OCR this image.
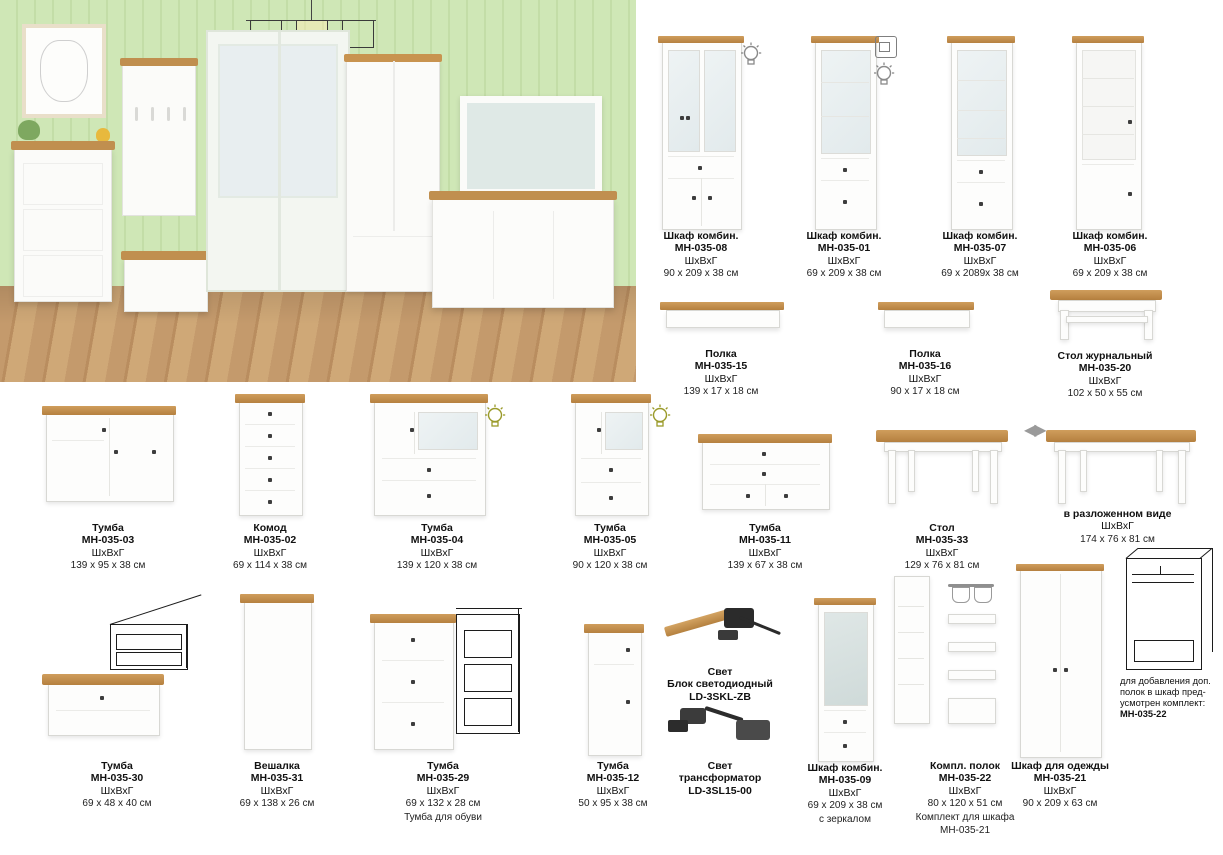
Шкаф комбин.
МН-035-08
ШхВхГ
90 x 209 x 38 см
Шкаф комбин.
МН-035-01
ШхВхГ
69 x 209 x 38 см
Шкаф комбин.
МН-035-07
ШхВхГ
69 x 2089х 38 см
Шкаф комбин.
МН-035-06
ШхВхГ
69 x 209 x 38 см
Полка
МН-035-15
ШхВхГ
139 x 17 x 18 см
Полка
МН-035-16
ШхВхГ
90 x 17 x 18 см
Стол журнальный
МН-035-20
ШхВхГ
102 x 50 x 55 см
Тумба
МН-035-03
ШхВхГ
139 x 95 x 38 см
Комод
МН-035-02
ШхВхГ
69 x 114 x 38 см
Тумба
МН-035-04
ШхВхГ
139 x 120 x 38 см
Тумба
МН-035-05
ШхВхГ
90 x 120 x 38 см
Тумба
МН-035-11
ШхВхГ
139 x 67 x 38 см
Стол
МН-035-33
ШхВхГ
129 x 76 x 81 см
◀▶
в разложенном виде
ШхВхГ
174 x 76 x 81 см
Тумба
МН-035-30
ШхВхГ
69 x 48 x 40 см
Вешалка
МН-035-31
ШхВхГ
69 x 138 x 26 см
Тумба
МН-035-29
ШхВхГ
69 x 132 x 28 см
Тумба для обуви
Тумба
МН-035-12
ШхВхГ
50 x 95 x 38 см
Свет
Блок светодиодный
LD-3SKL-ZB
Свет
трансформатор
LD-3SL15-00
Шкаф комбин.
МН-035-09
ШхВхГ
69 x 209 x 38 см
с зеркалом
Компл. полок
МН-035-22
ШхВхГ
80 x 120 x 51 см
Комплект для шкафа
МН-035-21
Шкаф для одежды
МН-035-21
ШхВхГ
90 x 209 x 63 см
для добавления доп. полок в шкаф пред-усмотрен комплект:
МН-035-22
